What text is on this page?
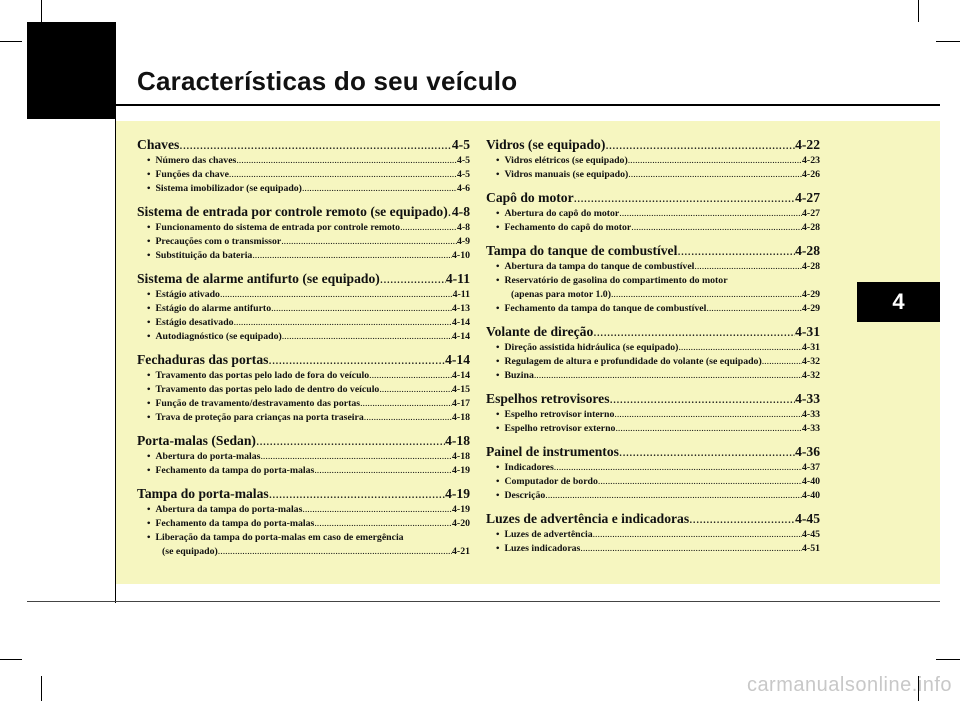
Características do seu veículo
4
Chaves .....	4-5
• Número das chaves .....	4-5
• Funções da chave .....	4-5
• Sistema imobilizador (se equipado) .....	4-6
Sistema de entrada por controle remoto (se equipado) ..... 4-8
• Funcionamento do sistema de entrada por controle remoto .....	4-8
• Precauções com o transmissor .....	4-9
• Substituição da bateria .....	4-10
Sistema de alarme antifurto (se equipado) .....	4-11
• Estágio ativado .....	4-11
• Estágio do alarme antifurto .....	4-13
• Estágio desativado .....	4-14
• Autodiagnóstico (se equipado) .....	4-14
Fechaduras das portas .....	4-14
• Travamento das portas pelo lado de fora do veículo .....	4-14
• Travamento das portas pelo lado de dentro do veículo .....	4-15
• Função de travamento/destravamento das portas .....	4-17
• Trava de proteção para crianças na porta traseira .....	4-18
Porta-malas (Sedan) .....	4-18
• Abertura do porta-malas .....	4-18
• Fechamento da tampa do porta-malas .....	4-19
Tampa do porta-malas .....	4-19
• Abertura da tampa do porta-malas .....	4-19
• Fechamento da tampa do porta-malas .....	4-20
• Liberação da tampa do porta-malas em caso de emergência
(se equipado) .....	4-21
Vidros (se equipado) .....	4-22
• Vidros elétricos (se equipado) .....	4-23
• Vidros manuais (se equipado) .....	4-26
Capô do motor .....	4-27
• Abertura do capô do motor .....	4-27
• Fechamento do capô do motor .....	4-28
Tampa do tanque de combustível .....	4-28
• Abertura da tampa do tanque de combustível .....	4-28
• Reservatório de gasolina do compartimento do motor
(apenas para motor 1.0) .....	4-29
• Fechamento da tampa do tanque de combustível .....	4-29
Volante de direção .....	4-31
• Direção assistida hidráulica (se equipado) .....	4-31
• Regulagem de altura e profundidade do volante (se equipado) .....	4-32
• Buzina .....	4-32
Espelhos retrovisores .....	4-33
• Espelho retrovisor interno .....	4-33
• Espelho retrovisor externo .....	4-33
Painel de instrumentos .....	4-36
• Indicadores .....	4-37
• Computador de bordo .....	4-40
• Descrição .....	4-40
Luzes de advertência e indicadoras .....	4-45
• Luzes de advertência .....	4-45
• Luzes indicadoras .....	4-51
carmanualsonline.info
